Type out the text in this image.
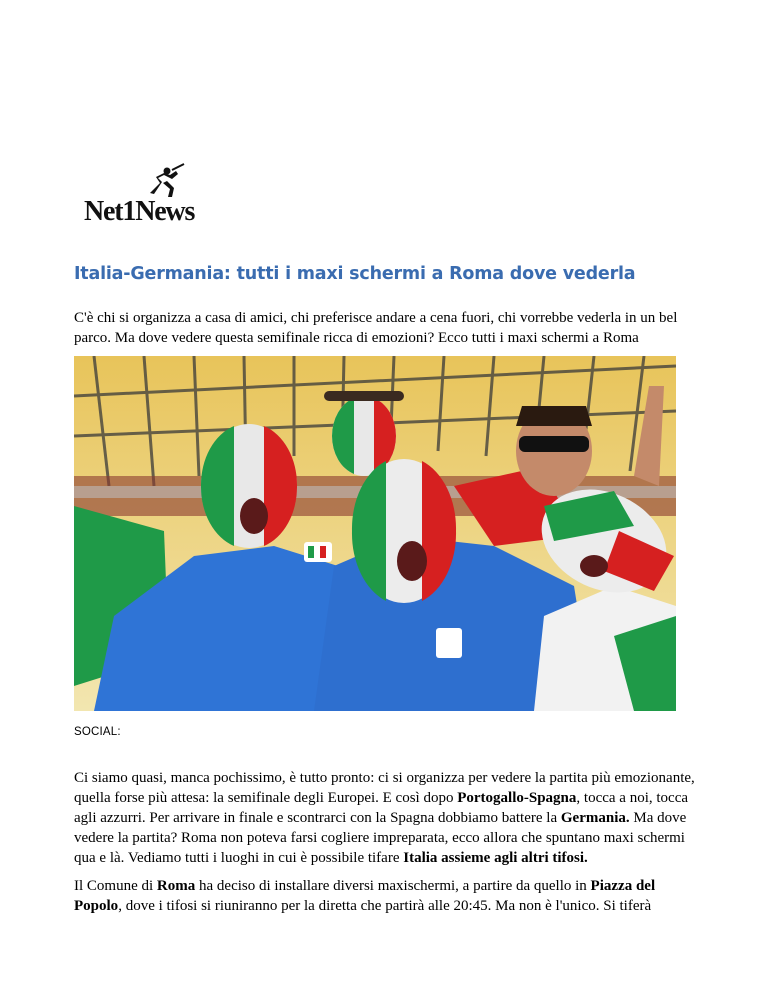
Net1News
Italia-Germania: tutti i maxi schermi a Roma dove vederla

C'è chi si organizza a casa di amici, chi preferisce andare a cena fuori, chi vorrebbe vederla in un bel parco. Ma dove vedere questa semifinale ricca di emozioni? Ecco tutti i maxi schermi a Roma

SOCIAL:

Ci siamo quasi, manca pochissimo, è tutto pronto: ci si organizza per vedere la partita più emozionante, quella forse più attesa: la semifinale degli Europei. E così dopo Portogallo-Spagna, tocca a noi, tocca agli azzurri. Per arrivare in finale e scontrarci con la Spagna dobbiamo battere la Germania. Ma dove vedere la partita? Roma non poteva farsi cogliere impreparata, ecco allora che spuntano maxi schermi qua e là. Vediamo tutti i luoghi in cui è possibile tifare Italia assieme agli altri tifosi.

Il Comune di Roma ha deciso di installare diversi maxischermi, a partire da quello in Piazza del Popolo, dove i tifosi si riuniranno per la diretta che partirà alle 20:45. Ma non è l'unico. Si tiferà
